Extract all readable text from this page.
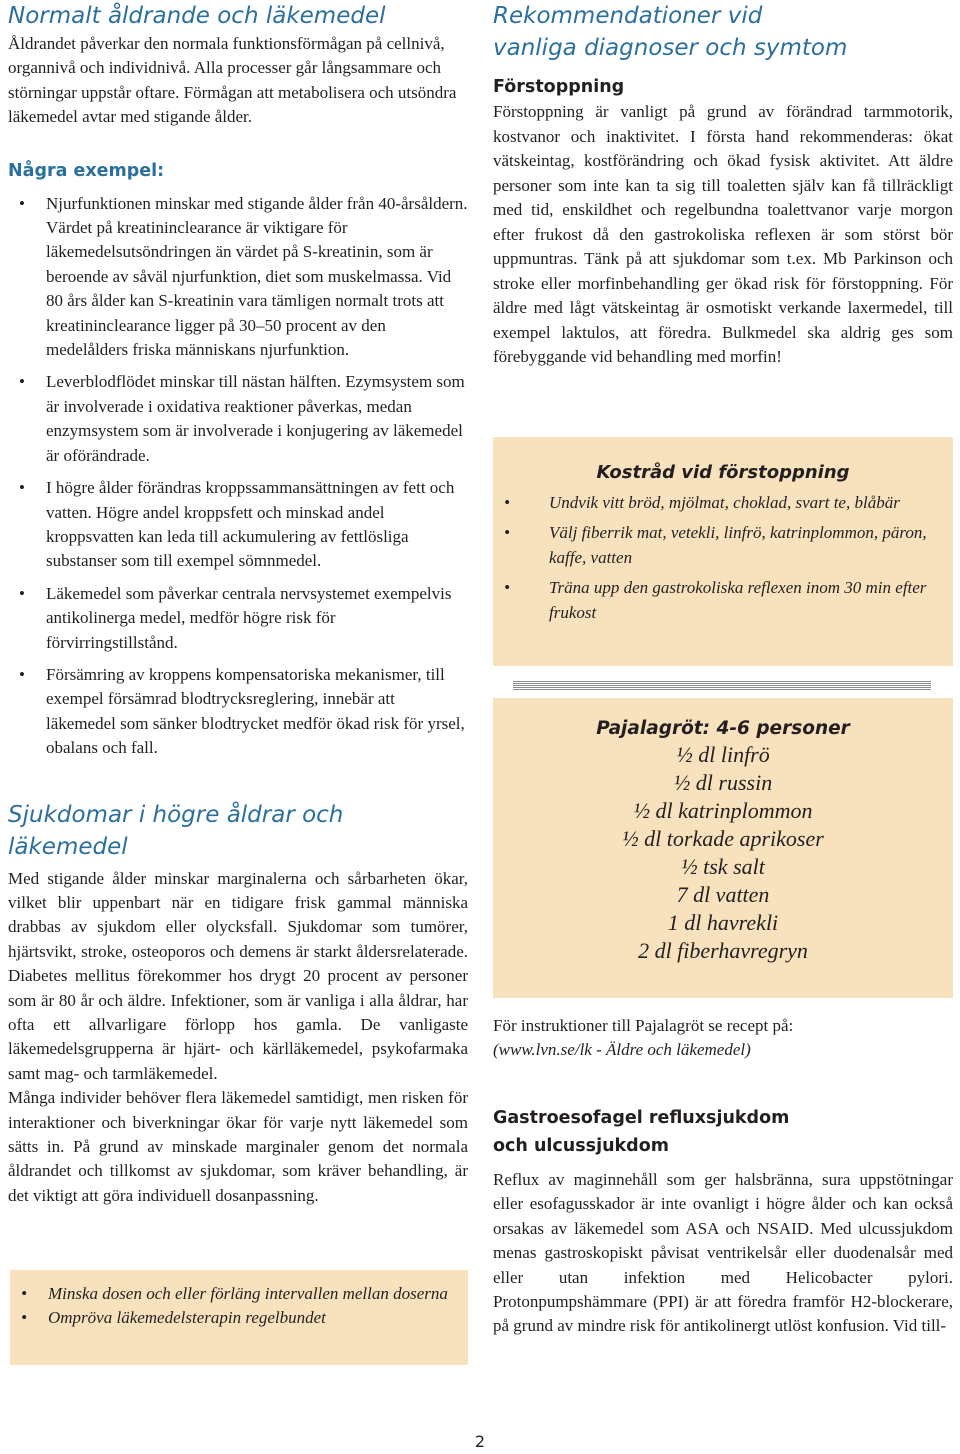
Normalt åldrande och läkemedel

Åldrandet påverkar den normala funktionsförmågan på cellnivå, organnivå och individnivå. Alla processer går långsammare och störningar uppstår oftare. Förmågan att metabolisera och utsöndra läkemedel avtar med stigande ålder.

Några exempel:

• Njurfunktionen minskar med stigande ålder från 40-årsåldern. Värdet på kreatininclearance är viktigare för läkemedelsutsöndringen än värdet på S-kreatinin, som är beroende av såväl njurfunktion, diet som muskelmassa. Vid 80 års ålder kan S-kreatinin vara tämligen normalt trots att kreatininclearance ligger på 30–50 procent av den medelålders friska människans njurfunktion.
• Leverblodflödet minskar till nästan hälften. Ezymsystem som är involverade i oxidativa reaktioner påverkas, medan enzymsystem som är involverade i konjugering av läkemedel är oförändrade.
• I högre ålder förändras kroppssammansättningen av fett och vatten. Högre andel kroppsfett och minskad andel kroppsvatten kan leda till ackumulering av fettlösliga substanser som till exempel sömnmedel.
• Läkemedel som påverkar centrala nervsystemet exempelvis antikolinerga medel, medför högre risk för förvirringstillstånd.
• Försämring av kroppens kompensatoriska mekanismer, till exempel försämrad blodtrycksreglering, innebär att läkemedel som sänker blodtrycket medför ökad risk för yrsel, obalans och fall.
Sjukdomar i högre åldrar och läkemedel

Med stigande ålder minskar marginalerna och sårbarheten ökar, vilket blir uppenbart när en tidigare frisk gammal människa drabbas av sjukdom eller olycksfall. Sjukdomar som tumörer, hjärtsvikt, stroke, osteoporos och demens är starkt åldersrelaterade. Diabetes mellitus förekommer hos drygt 20 procent av personer som är 80 år och äldre. Infektioner, som är vanliga i alla åldrar, har ofta ett allvarligare förlopp hos gamla. De vanligaste läkemedelsgrupperna är hjärt- och kärlläkemedel, psykofarmaka samt mag- och tarmläkemedel.

Många individer behöver flera läkemedel samtidigt, men risken för interaktioner och biverkningar ökar för varje nytt läkemedel som sätts in. På grund av minskade marginaler genom det normala åldrandet och tillkomst av sjukdomar, som kräver behandling, är det viktigt att göra individuell dosanpassning.

• Minska dosen och eller förläng intervallen mellan doserna
• Ompröva läkemedelsterapin regelbundet
Rekommendationer vid
vanliga diagnoser och symtom

Förstoppning

Förstoppning är vanligt på grund av förändrad tarmmotorik, kostvanor och inaktivitet. I första hand rekommenderas: ökat vätskeintag, kostförändring och ökad fysisk aktivitet. Att äldre personer som inte kan ta sig till toaletten själv kan få tillräckligt med tid, enskildhet och regelbundna toalettvanor varje morgon efter frukost då den gastrokoliska reflexen är som störst bör uppmuntras. Tänk på att sjukdomar som t.ex. Mb Parkinson och stroke eller morfinbehandling ger ökad risk för förstoppning. För äldre med lågt vätskeintag är osmotiskt verkande laxermedel, till exempel laktulos, att föredra. Bulkmedel ska aldrig ges som förebyggande vid behandling med morfin!

Kostråd vid förstoppning
• Undvik vitt bröd, mjölmat, choklad, svart te, blåbär
• Välj fiberrik mat, vetekli, linfrö, katrinplommon, päron, kaffe, vatten
• Träna upp den gastrokoliska reflexen inom 30 min efter frukost
Pajalagröt: 4-6 personer
½ dl linfrö
½ dl russin
½ dl katrinplommon
½ dl torkade aprikoser
½ tsk salt
7 dl vatten
1 dl havrekli
2 dl fiberhavregryn

För instruktioner till Pajalagröt se recept på:

(www.lvn.se/lk - Äldre och läkemedel)

Gastroesofagel refluxsjukdom

och ulcussjukdom

Reflux av maginnehåll som ger halsbränna, sura uppstötningar eller esofagusskador är inte ovanligt i högre ålder och kan också orsakas av läkemedel som ASA och NSAID. Med ulcussjukdom menas gastroskopiskt påvisat ventrikelsår eller duodenalsår med eller utan infektion med Helicobacter pylori. Protonpumpshämmare (PPI) är att föredra framför H2-blockerare, på grund av mindre risk för antikolinergt utlöst konfusion. Vid till-

2
